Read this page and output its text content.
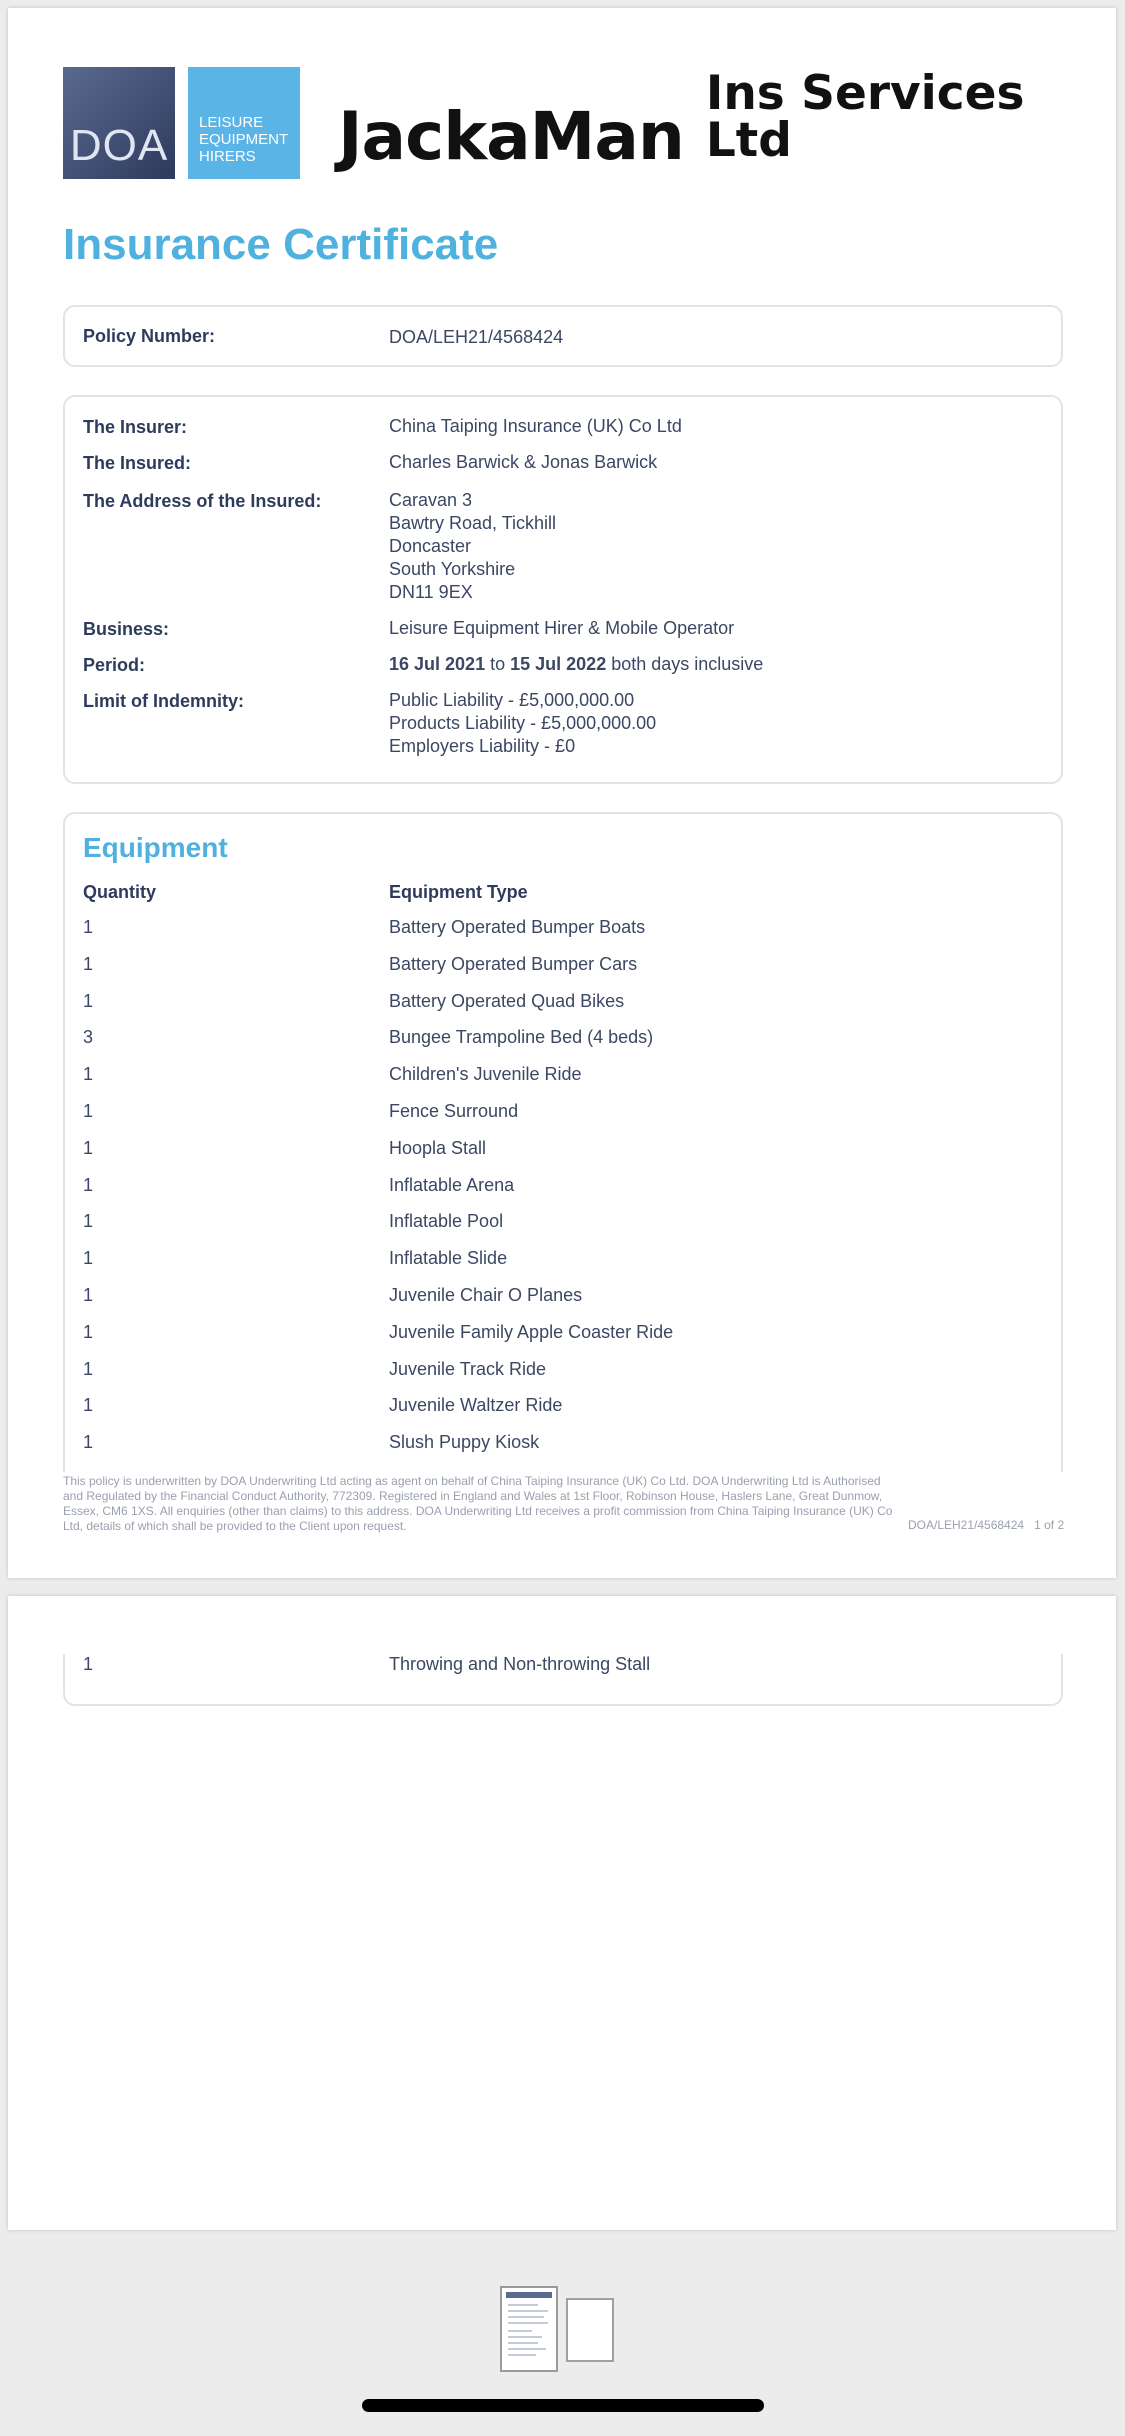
DOA	LEISURE
EQUIPMENT
HIRERS	JackaMan
Ins Services Ltd
Insurance Certificate
Policy Number:	DOA/LEH21/4568424
The Insurer:	China Taiping Insurance (UK) Co Ltd
The Insured:	Charles Barwick & Jonas Barwick
The Address of the Insured:	Caravan 3
Bawtry Road, Tickhill
Doncaster
South Yorkshire
DN11 9EX
Business:	Leisure Equipment Hirer & Mobile Operator
Period:	16 Jul 2021 to 15 Jul 2022 both days inclusive
Limit of Indemnity:	Public Liability - £5,000,000.00
Products Liability - £5,000,000.00
Employers Liability - £0
Equipment
Quantity	Equipment Type
1	Battery Operated Bumper Boats
1	Battery Operated Bumper Cars
1	Battery Operated Quad Bikes
3	Bungee Trampoline Bed (4 beds)
1	Children's Juvenile Ride
1	Fence Surround
1	Hoopla Stall
1	Inflatable Arena
1	Inflatable Pool
1	Inflatable Slide
1	Juvenile Chair O Planes
1	Juvenile Family Apple Coaster Ride
1	Juvenile Track Ride
1	Juvenile Waltzer Ride
1	Slush Puppy Kiosk
This policy is underwritten by DOA Underwriting Ltd acting as agent on behalf of China Taiping Insurance (UK) Co Ltd. DOA Underwriting Ltd is Authorised and Regulated by the Financial Conduct Authority, 772309. Registered in England and Wales at 1st Floor, Robinson House, Haslers Lane, Great Dunmow, Essex, CM6 1XS. All enquiries (other than claims) to this address. DOA Underwriting Ltd receives a profit commission from China Taiping Insurance (UK) Co Ltd, details of which shall be provided to the Client upon request.	DOA/LEH21/4568424 1 of 2
1	Throwing and Non-throwing Stall
